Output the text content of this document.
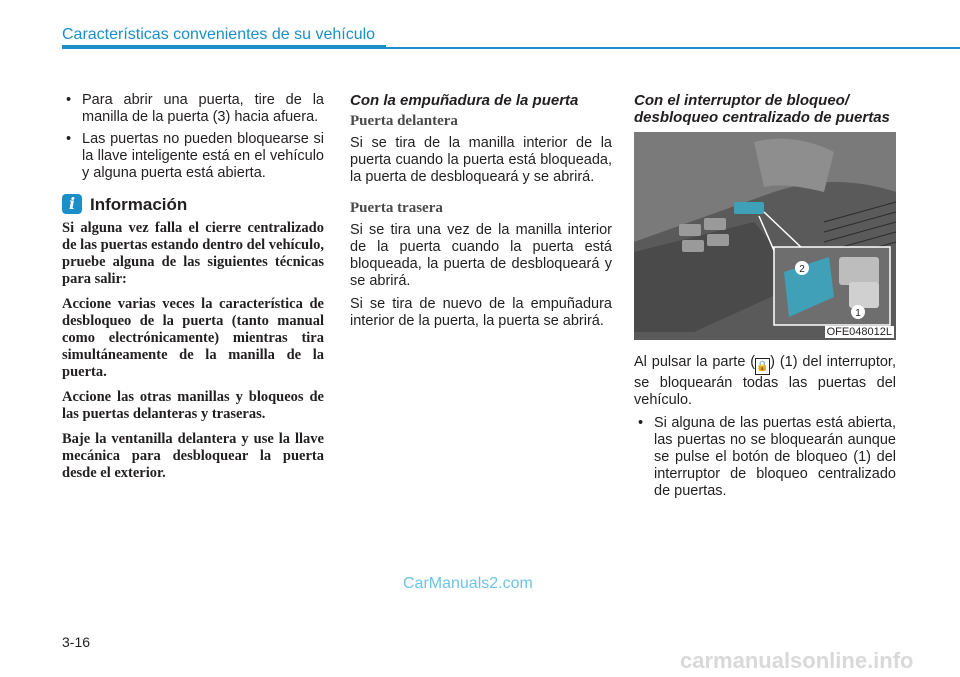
Características convenientes de su vehículo
• Para abrir una puerta, tire de la manilla de la puerta (3) hacia afuera.
• Las puertas no pueden bloquearse si la llave inteligente está en el vehículo y alguna puerta está abierta.
i Información

Si alguna vez falla el cierre centralizado de las puertas estando dentro del vehículo, pruebe alguna de las siguientes técnicas para salir:

Accione varias veces la característica de desbloqueo de la puerta (tanto manual como electrónicamente) mientras tira simultáneamente de la manilla de la puerta.

Accione las otras manillas y bloqueos de las puertas delanteras y traseras.

Baje la ventanilla delantera y use la llave mecánica para desbloquear la puerta desde el exterior.

Con la empuñadura de la puerta
Puerta delantera

Si se tira de la manilla interior de la puerta cuando la puerta está bloqueada, la puerta de desbloqueará y se abrirá.

Puerta trasera

Si se tira una vez de la manilla interior de la puerta cuando la puerta está bloqueada, la puerta de desbloqueará y se abrirá.

Si se tira de nuevo de la empuñadura interior de la puerta, la puerta se abrirá.

Con el interruptor de bloqueo/ desbloqueo centralizado de puertas
2
1
OFE048012L

Al pulsar la parte (🔒) (1) del interruptor, se bloquearán todas las puertas del vehículo.

• Si alguna de las puertas está abierta, las puertas no se bloquearán aunque se pulse el botón de bloqueo (1) del interruptor de bloqueo centralizado de puertas.
CarManuals2.com
3-16
carmanualsonline.info
